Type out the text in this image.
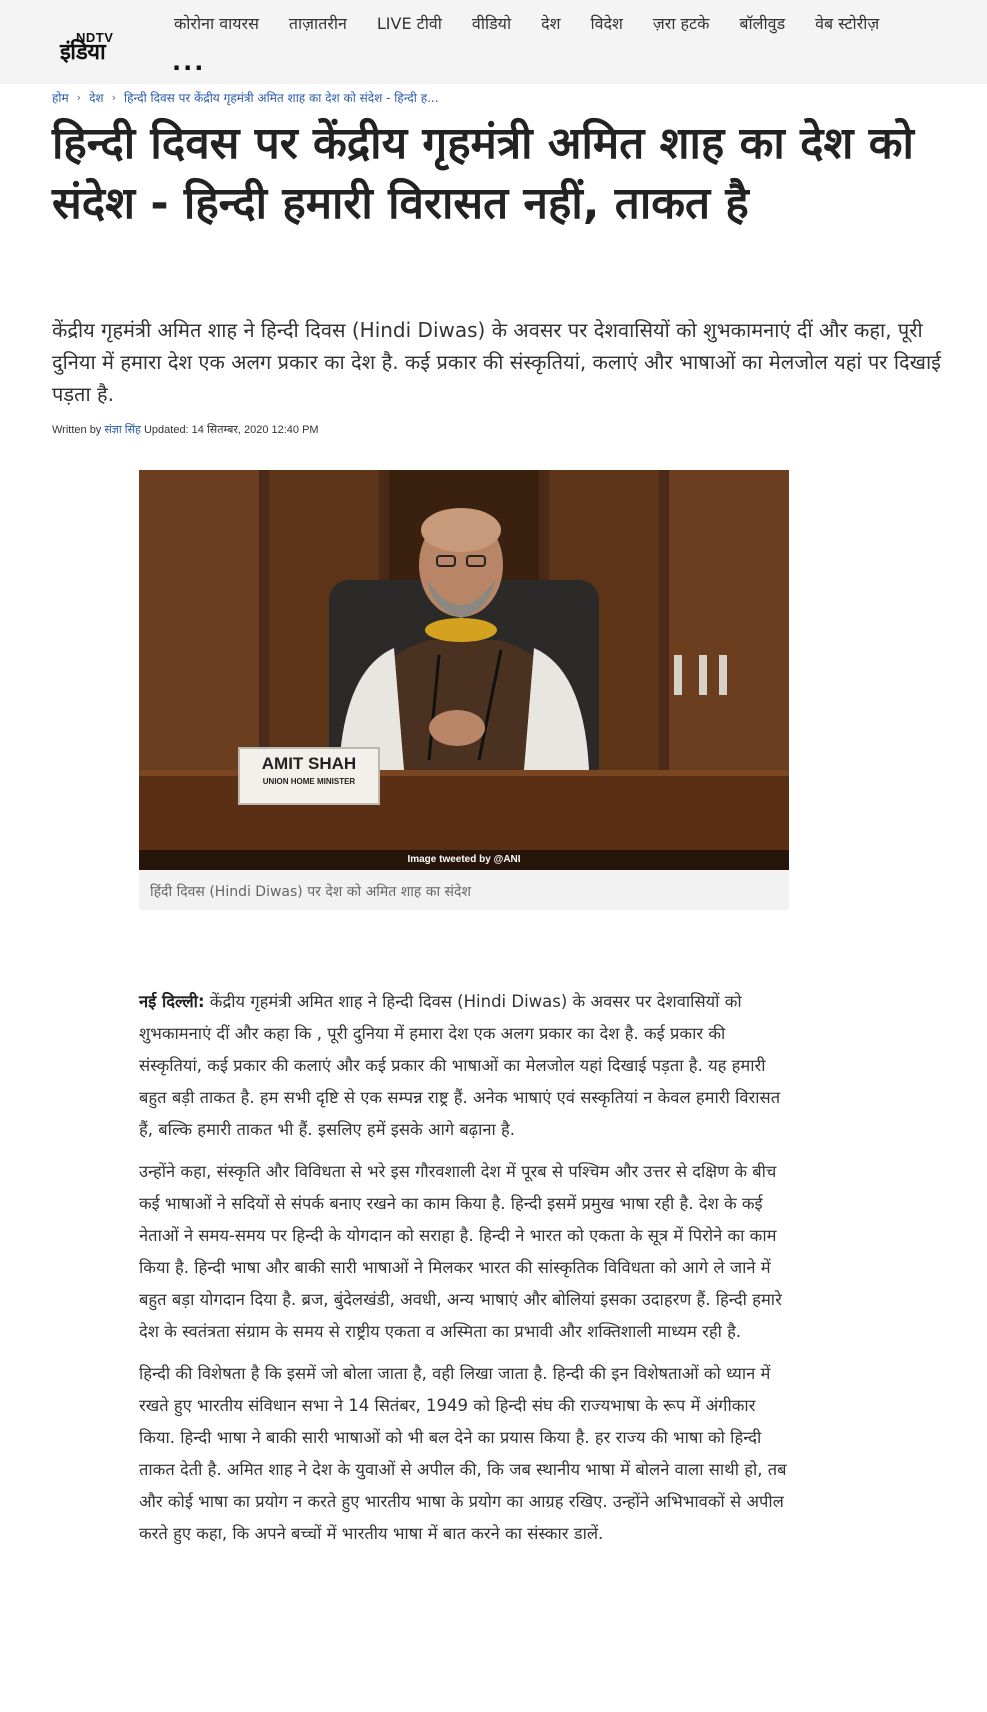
NDTV
इंडिया	...
कोरोना वायरस ताज़ातरीन LIVE टीवी वीडियो देश विदेश ज़रा हटके बॉलीवुड वेब स्टोरीज़
होम › देश › हिन्दी दिवस पर केंद्रीय गृहमंत्री अमित शाह का देश को संदेश - हिन्दी ह...
हिन्दी दिवस पर केंद्रीय गृहमंत्री अमित शाह का देश को संदेश - हिन्दी हमारी विरासत नहीं, ताकत है

केंद्रीय गृहमंत्री अमित शाह ने हिन्दी दिवस (Hindi Diwas) के अवसर पर देशवासियों को शुभकामनाएं दीं और कहा, पूरी दुनिया में हमारा देश एक अलग प्रकार का देश है. कई प्रकार की संस्कृतियां, कलाएं और भाषाओं का मेलजोल यहां पर दिखाई पड़ता है.

Written by संज्ञा सिंह Updated: 14 सितम्बर, 2020 12:40 PM
AMIT SHAH
UNION HOME MINISTER
Image tweeted by @ANI
हिंदी दिवस (Hindi Diwas) पर देश को अमित शाह का संदेश

नई दिल्ली: केंद्रीय गृहमंत्री अमित शाह ने हिन्दी दिवस (Hindi Diwas) के अवसर पर देशवासियों को शुभकामनाएं दीं और कहा कि , पूरी दुनिया में हमारा देश एक अलग प्रकार का देश है. कई प्रकार की संस्कृतियां, कई प्रकार की कलाएं और कई प्रकार की भाषाओं का मेलजोल यहां दिखाई पड़ता है. यह हमारी बहुत बड़ी ताकत है. हम सभी दृष्टि से एक सम्पन्न राष्ट्र हैं. अनेक भाषाएं एवं सस्कृतियां न केवल हमारी विरासत हैं, बल्कि हमारी ताकत भी हैं. इसलिए हमें इसके आगे बढ़ाना है.

उन्होंने कहा, संस्कृति और विविधता से भरे इस गौरवशाली देश में पूरब से पश्चिम और उत्तर से दक्षिण के बीच कई भाषाओं ने सदियों से संपर्क बनाए रखने का काम किया है. हिन्दी इसमें प्रमुख भाषा रही है. देश के कई नेताओं ने समय-समय पर हिन्दी के योगदान को सराहा है. हिन्दी ने भारत को एकता के सूत्र में पिरोने का काम किया है. हिन्दी भाषा और बाकी सारी भाषाओं ने मिलकर भारत की सांस्कृतिक विविधता को आगे ले जाने में बहुत बड़ा योगदान दिया है. ब्रज, बुंदेलखंडी, अवधी, अन्य भाषाएं और बोलियां इसका उदाहरण हैं. हिन्दी हमारे देश के स्वतंत्रता संग्राम के समय से राष्ट्रीय एकता व अस्मिता का प्रभावी और शक्तिशाली माध्यम रही है.

हिन्दी की विशेषता है कि इसमें जो बोला जाता है, वही लिखा जाता है. हिन्दी की इन विशेषताओं को ध्यान में रखते हुए भारतीय संविधान सभा ने 14 सितंबर, 1949 को हिन्दी संघ की राज्यभाषा के रूप में अंगीकार किया. हिन्दी भाषा ने बाकी सारी भाषाओं को भी बल देने का प्रयास किया है. हर राज्य की भाषा को हिन्दी ताकत देती है. अमित शाह ने देश के युवाओं से अपील की, कि जब स्थानीय भाषा में बोलने वाला साथी हो, तब और कोई भाषा का प्रयोग न करते हुए भारतीय भाषा के प्रयोग का आग्रह रखिए. उन्होंने अभिभावकों से अपील करते हुए कहा, कि अपने बच्चों में भारतीय भाषा में बात करने का संस्कार डालें.
